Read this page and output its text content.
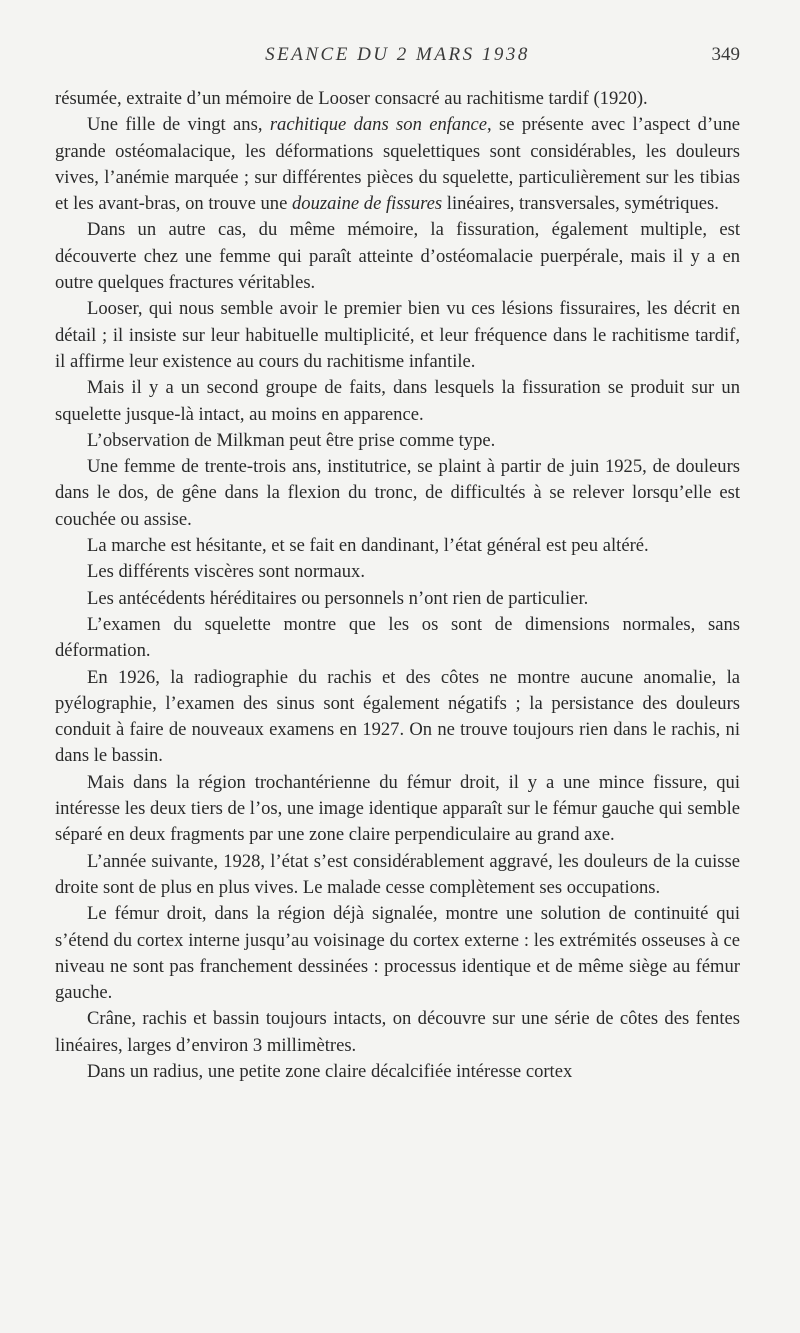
SEANCE DU 2 MARS 1938	349

résumée, extraite d’un mémoire de Looser consacré au rachitisme tardif (1920).

Une fille de vingt ans, rachitique dans son enfance, se présente avec l’aspect d’une grande ostéomalacique, les déformations squelettiques sont considérables, les douleurs vives, l’anémie marquée ; sur différentes pièces du squelette, particulièrement sur les tibias et les avant-bras, on trouve une douzaine de fissures linéaires, transversales, symétriques.

Dans un autre cas, du même mémoire, la fissuration, également multiple, est découverte chez une femme qui paraît atteinte d’ostéomalacie puerpérale, mais il y a en outre quelques fractures véritables.

Looser, qui nous semble avoir le premier bien vu ces lésions fissuraires, les décrit en détail ; il insiste sur leur habituelle multiplicité, et leur fréquence dans le rachitisme tardif, il affirme leur existence au cours du rachitisme infantile.

Mais il y a un second groupe de faits, dans lesquels la fissuration se produit sur un squelette jusque-là intact, au moins en apparence.

L’observation de Milkman peut être prise comme type.

Une femme de trente-trois ans, institutrice, se plaint à partir de juin 1925, de douleurs dans le dos, de gêne dans la flexion du tronc, de difficultés à se relever lorsqu’elle est couchée ou assise.

La marche est hésitante, et se fait en dandinant, l’état général est peu altéré.

Les différents viscères sont normaux.

Les antécédents héréditaires ou personnels n’ont rien de particulier.

L’examen du squelette montre que les os sont de dimensions normales, sans déformation.

En 1926, la radiographie du rachis et des côtes ne montre aucune anomalie, la pyélographie, l’examen des sinus sont également négatifs ; la persistance des douleurs conduit à faire de nouveaux examens en 1927. On ne trouve toujours rien dans le rachis, ni dans le bassin.

Mais dans la région trochantérienne du fémur droit, il y a une mince fissure, qui intéresse les deux tiers de l’os, une image identique apparaît sur le fémur gauche qui semble séparé en deux fragments par une zone claire perpendiculaire au grand axe.

L’année suivante, 1928, l’état s’est considérablement aggravé, les douleurs de la cuisse droite sont de plus en plus vives. Le malade cesse complètement ses occupations.

Le fémur droit, dans la région déjà signalée, montre une solution de continuité qui s’étend du cortex interne jusqu’au voisinage du cortex externe : les extrémités osseuses à ce niveau ne sont pas franchement dessinées : processus identique et de même siège au fémur gauche.

Crâne, rachis et bassin toujours intacts, on découvre sur une série de côtes des fentes linéaires, larges d’environ 3 millimètres.

Dans un radius, une petite zone claire décalcifiée intéresse cortex
